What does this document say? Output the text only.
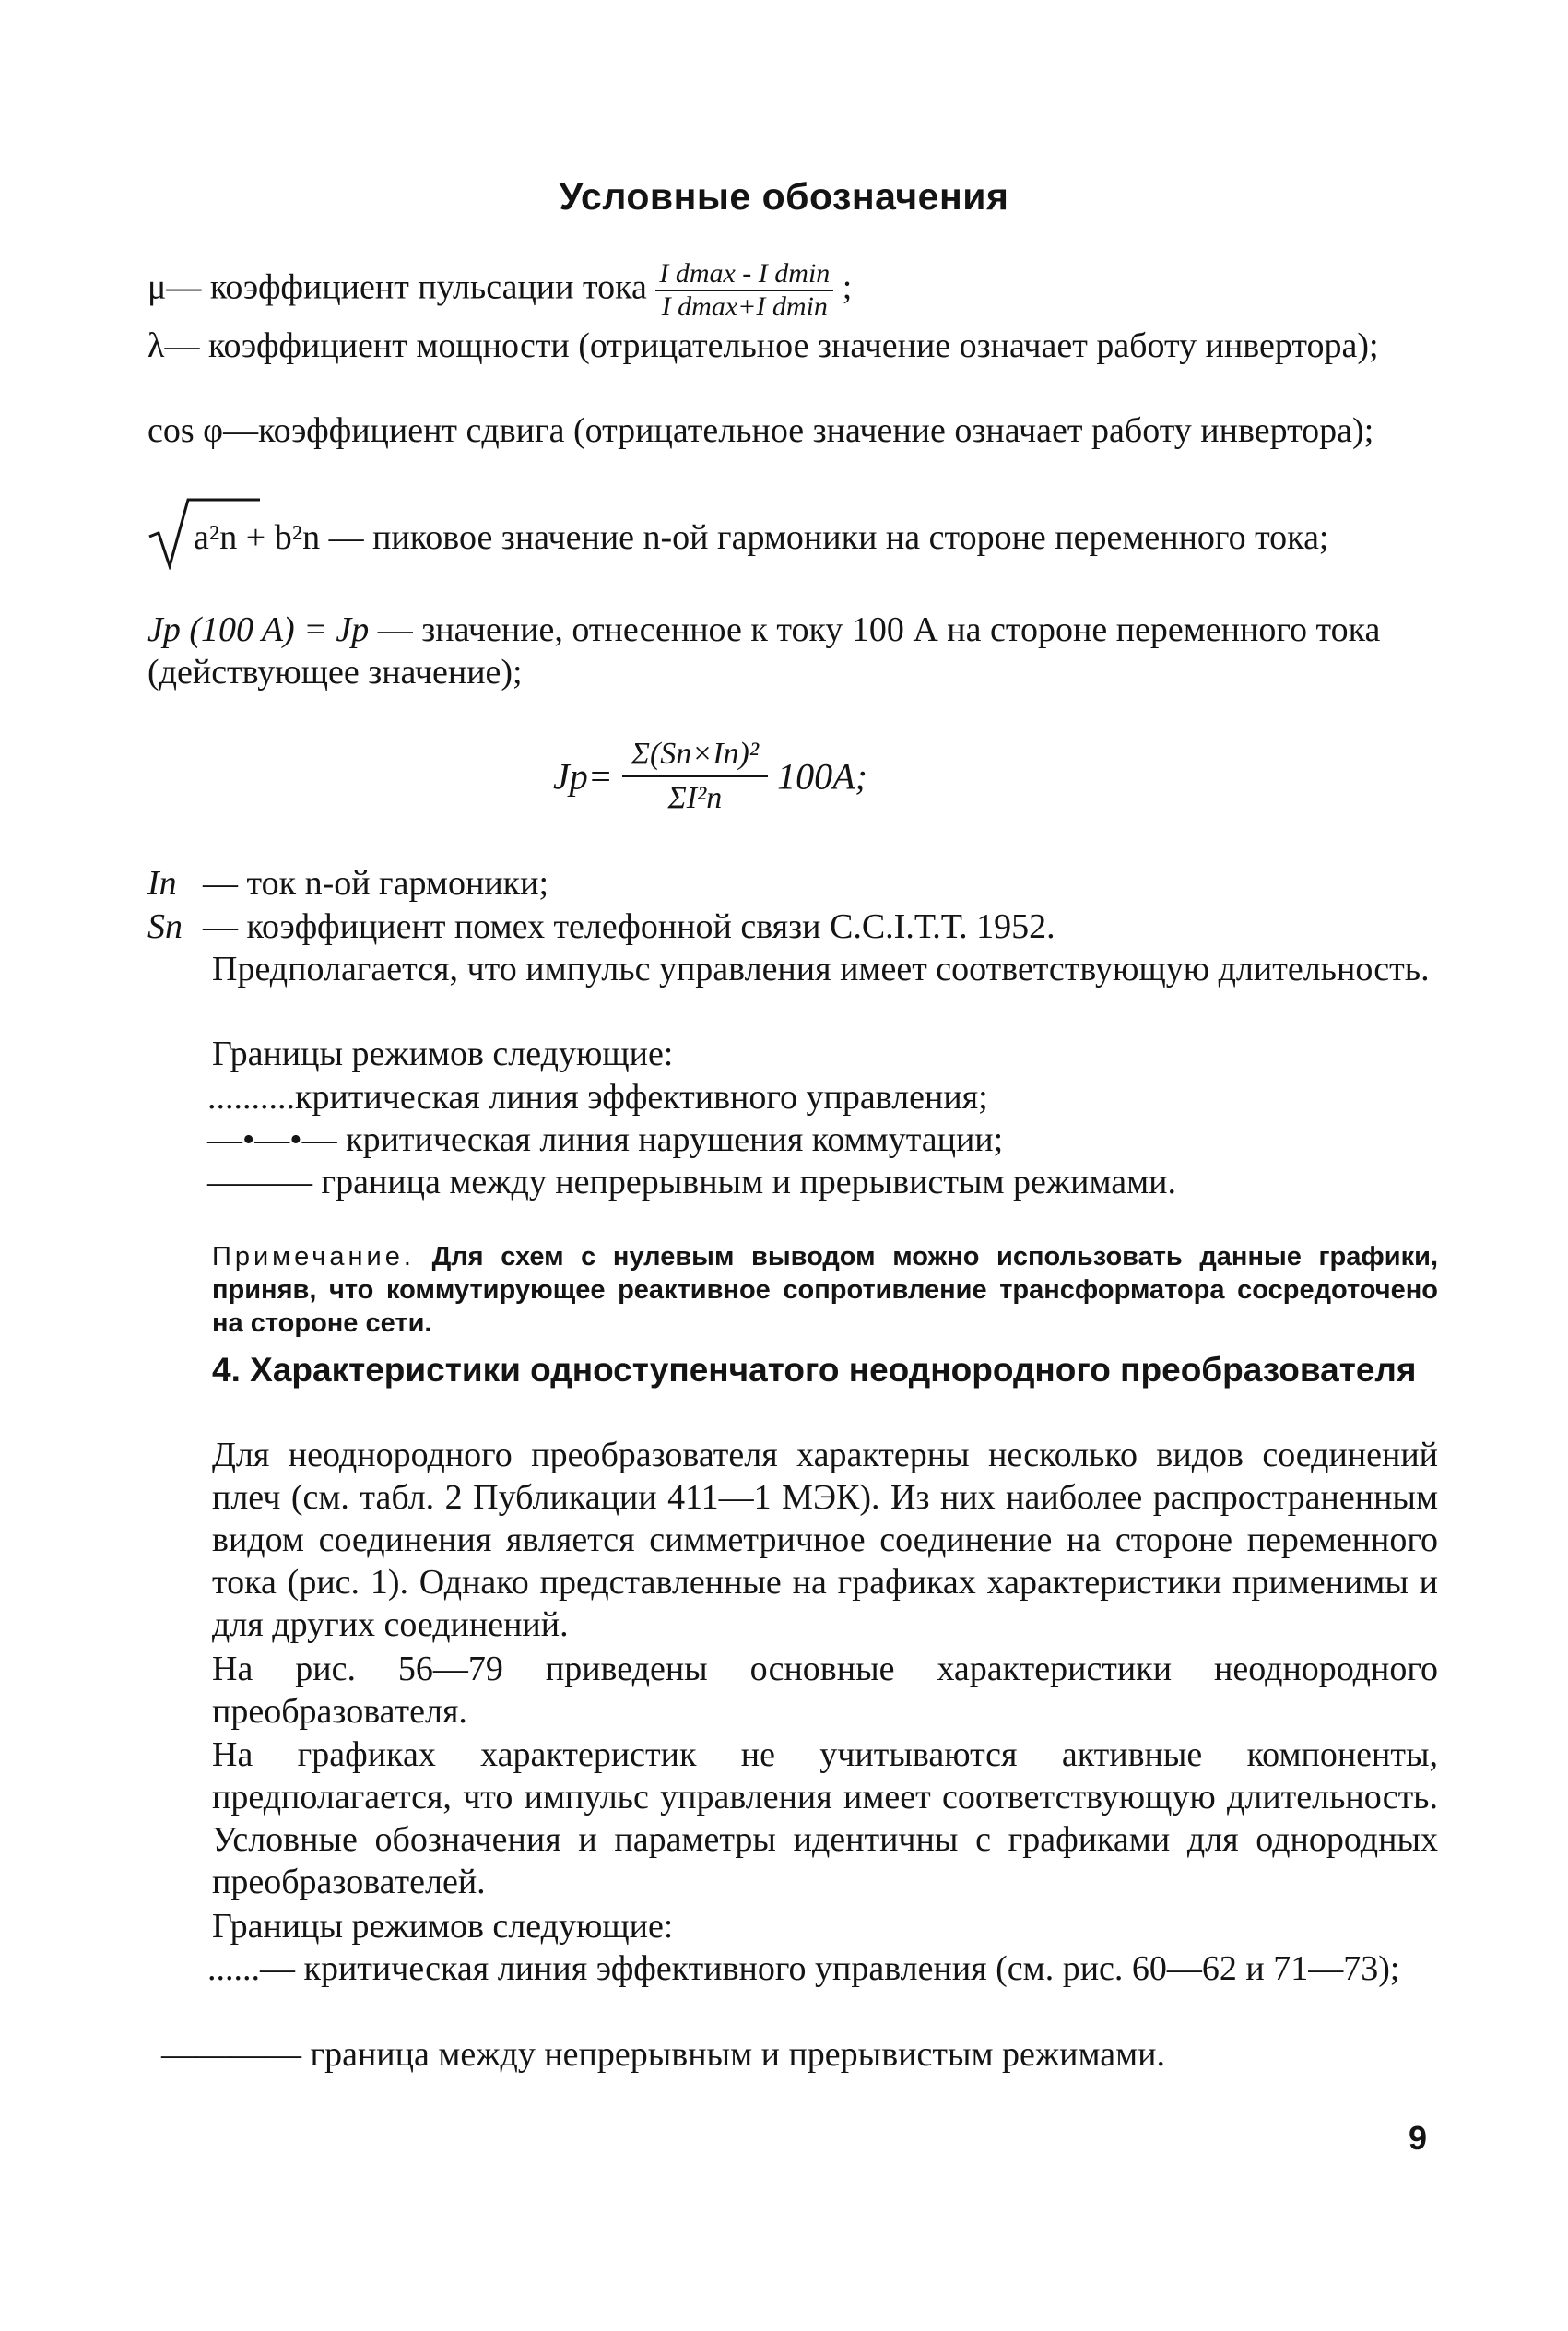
Условные обозначения
μ— коэффициент пульсации тока $\frac{\text{I dmax - I dmin}}{\text{I dmax+I dmin}}$ ;
λ— коэффициент мощности (отрицательное значение означает работу инвертора);
cos φ—коэффициент сдвига (отрицательное значение означает работу инвертора);
a²n + b²n — пиковое значение n-ой гармоники на стороне переменного тока;
Jp (100 A) = Jp — значение, отнесенное к току 100 А на стороне переменного тока (действующее значение);
$Jp= \frac{\text{Σ(Sn×In)²}}{\text{ΣI²n}} 100A$;
In — ток n-ой гармоники;
Sn — коэффициент помех телефонной связи С.С.I.Т.Т. 1952.
Предполагается, что импульс управления имеет соответствующую длительность.
Границы режимов следующие:
..........критическая линия эффективного управления;
—•—•— критическая линия нарушения коммутации;
——— граница между непрерывным и прерывистым режимами.
Примечание. Для схем с нулевым выводом можно использовать данные графики, приняв, что коммутирующее реактивное сопротивление трансформатора сосредоточено на стороне сети.
4. Характеристики одноступенчатого неоднородного преобразователя
Для неоднородного преобразователя характерны несколько видов соединений плеч (см. табл. 2 Публикации 411—1 МЭК). Из них наиболее распространенным видом соединения является симметричное соединение на стороне переменного тока (рис. 1). Однако представленные на графиках характеристики применимы и для других соединений.
На рис. 56—79 приведены основные характеристики неоднородного преобразователя.
На графиках характеристик не учитываются активные компоненты, предполагается, что импульс управления имеет соответствующую длительность. Условные обозначения и параметры идентичны с графиками для однородных преобразователей.
Границы режимов следующие:
......— критическая линия эффективного управления (см. рис. 60—62 и 71—73);
———— граница между непрерывным и прерывистым режимами.
9
